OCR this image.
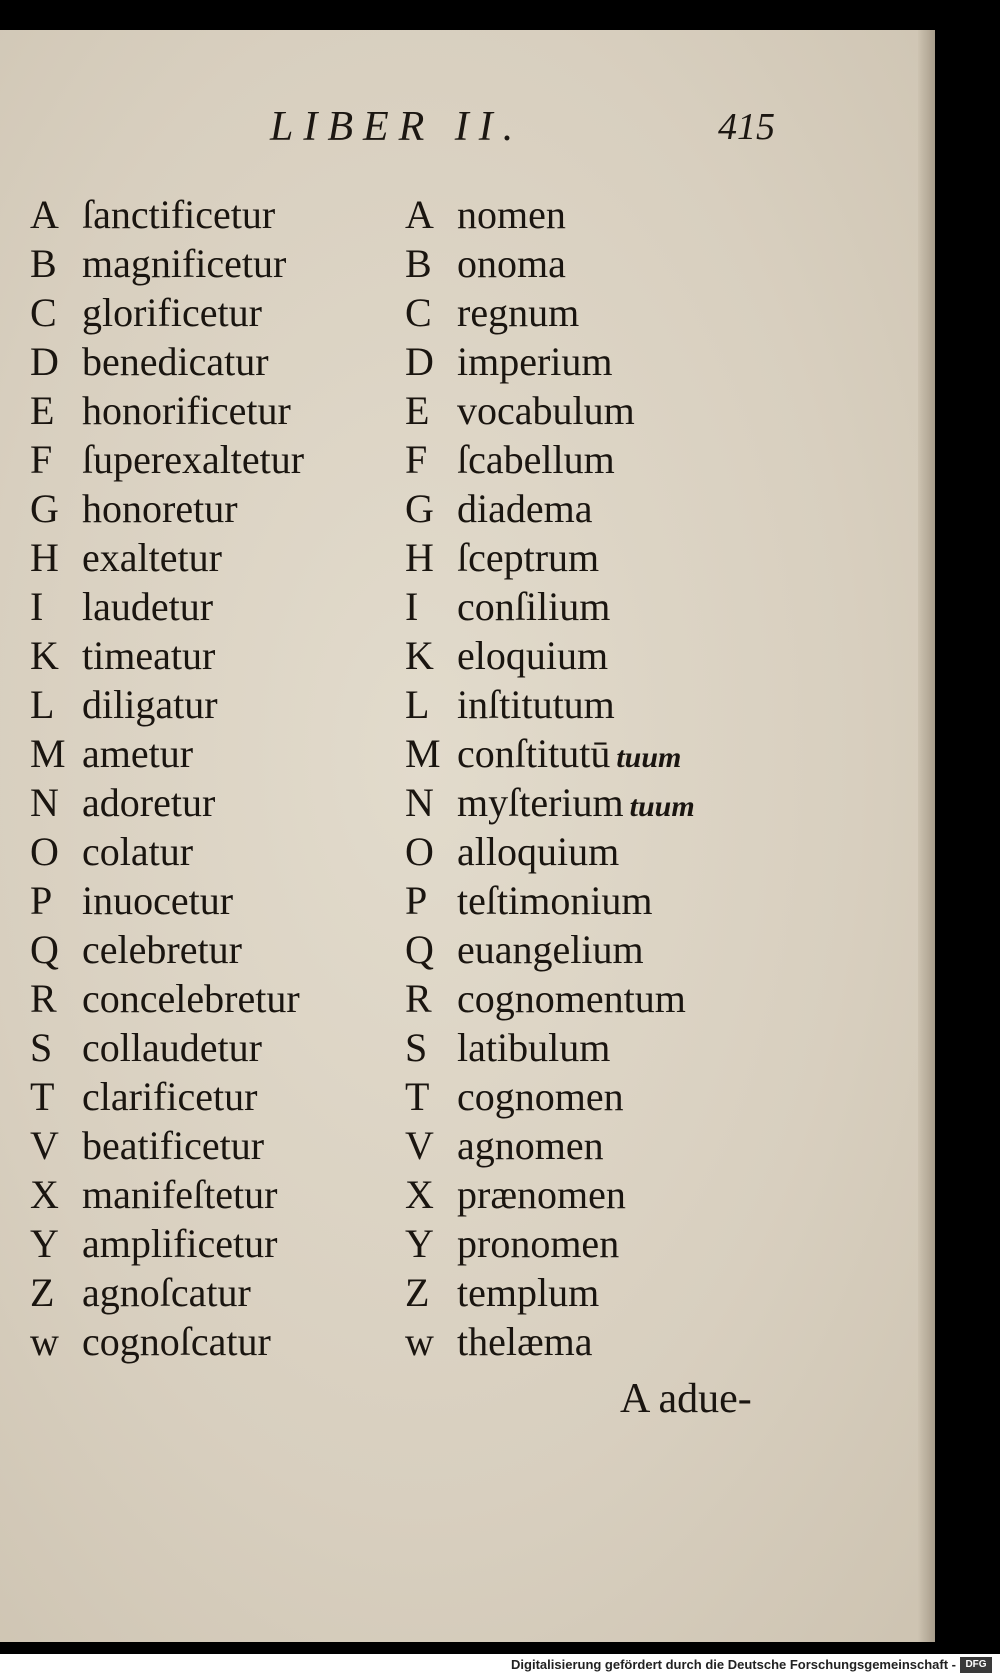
LIBER II.	415
A ſanctificetur
B magnificetur
C glorificetur
D benedicatur
E honorificetur
F ſuperexaltetur
G honoretur
H exaltetur
I laudetur
K timeatur
L diligatur
M ametur
N adoretur
O colatur
P inuocetur
Q celebretur
R concelebretur
S collaudetur
T clarificetur
V beatificetur
X manifeſtetur
Y amplificetur
Z agnoſcatur
w cognoſcatur
A nomen
B onoma
C regnum
D imperium
E vocabulum
F ſcabellum
G diadema
H ſceptrum
I conſilium
K eloquium
L inſtitutum
M conſtitutū tuum
N myſterium tuum
O alloquium
P teſtimonium
Q euangelium
R cognomentum
S latibulum
T cognomen
V agnomen
X prænomen
Y pronomen
Z templum
w thelæma
A adue-
Digitalisierung gefördert durch die Deutsche Forschungsgemeinschaft - DFG
